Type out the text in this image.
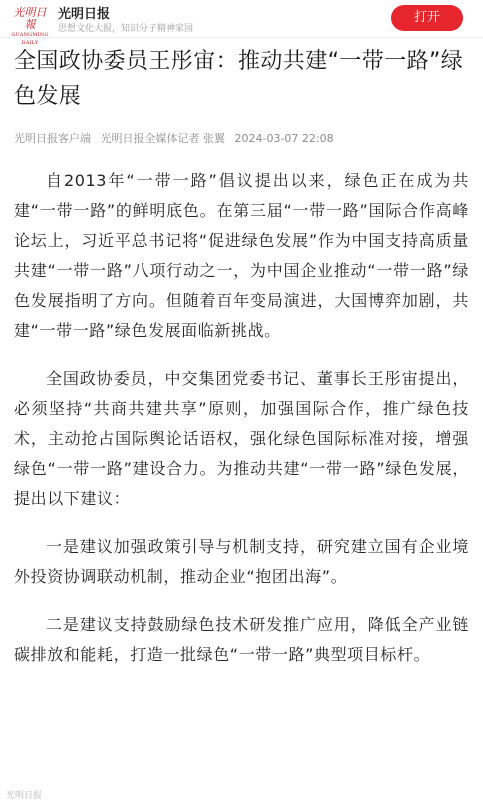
光明日報
GUANGMING DAILY
光明日报
思想文化大报，知识分子精神家园
打开
全国政协委员王彤宙：推动共建“一带一路”绿色发展
光明日报客户端 光明日报全媒体记者 张翼 2024-03-07 22:08

自2013年“一带一路”倡议提出以来，绿色正在成为共建“一带一路”的鲜明底色。在第三届“一带一路”国际合作高峰论坛上，习近平总书记将“促进绿色发展”作为中国支持高质量共建“一带一路”八项行动之一，为中国企业推动“一带一路”绿色发展指明了方向。但随着百年变局演进，大国博弈加剧，共建“一带一路”绿色发展面临新挑战。

全国政协委员，中交集团党委书记、董事长王彤宙提出，必须坚持“共商共建共享”原则，加强国际合作，推广绿色技术，主动抢占国际舆论话语权，强化绿色国际标准对接，增强绿色“一带一路”建设合力。为推动共建“一带一路”绿色发展，提出以下建议：

一是建议加强政策引导与机制支持，研究建立国有企业境外投资协调联动机制，推动企业“抱团出海”。

二是建议支持鼓励绿色技术研发推广应用，降低全产业链碳排放和能耗，打造一批绿色“一带一路”典型项目标杆。

光明日报
